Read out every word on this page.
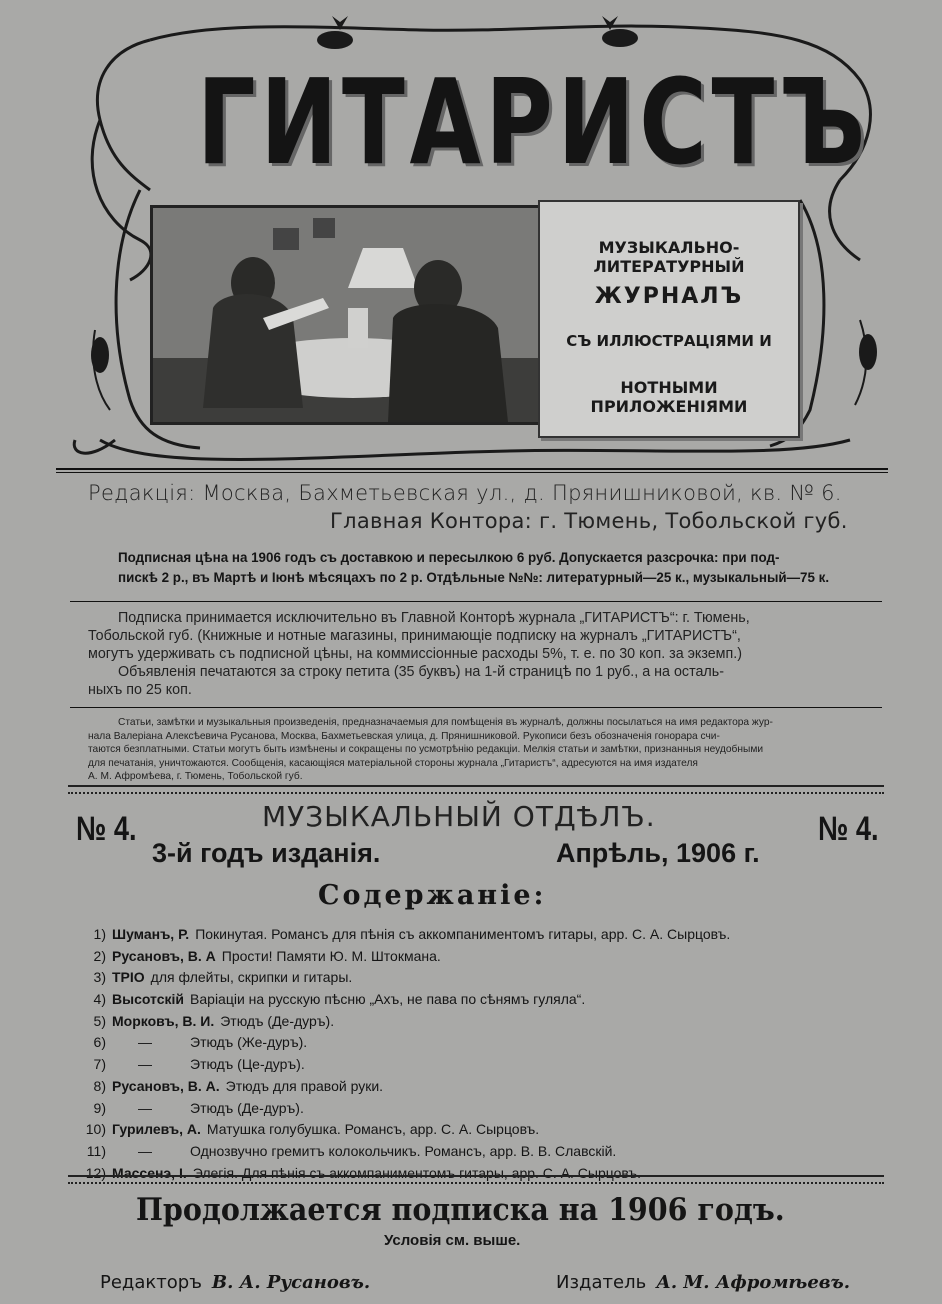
ГИТАРИСТЪ
МУЗЫКАЛЬНО-ЛИТЕРАТУРНЫЙ
ЖУРНАЛЪ
СЪ ИЛЛЮСТРАЦІЯМИ И
НОТНЫМИ ПРИЛОЖЕНІЯМИ
Редакція: Москва, Бахметьевская ул., д. Прянишниковой, кв. № 6.
Главная Контора: г. Тюмень, Тобольской губ.
Подписная цѣна на 1906 годъ съ доставкою и пересылкою 6 руб. Допускается разсрочка: при под-
пискѣ 2 р., въ Мартѣ и Іюнѣ мѣсяцахъ по 2 р. Отдѣльные №№: литературный—25 к., музыкальный—75 к.
Подписка принимается исключительно въ Главной Конторѣ журнала „ГИТАРИСТЪ“: г. Тюмень,
Тобольской губ. (Книжные и нотные магазины, принимающіе подписку на журналъ „ГИТАРИСТЪ“,
могутъ удерживать съ подписной цѣны, на коммиссіонные расходы 5%, т. е. по 30 коп. за экземп.)
Объявленія печатаются за строку петита (35 буквъ) на 1-й страницѣ по 1 руб., а на осталь-
ныхъ по 25 коп.
Статьи, замѣтки и музыкальныя произведенія, предназначаемыя для помѣщенія въ журналѣ, должны посылаться на имя редактора жур-
нала Валеріана Алексѣевича Русанова, Москва, Бахметьевская улица, д. Прянишниковой. Рукописи безъ обозначенія гонорара счи-
таются безплатными. Статьи могутъ быть измѣнены и сокращены по усмотрѣнію редакціи. Мелкія статьи и замѣтки, признанныя неудобными
для печатанія, уничтожаются. Сообщенія, касающіяся матеріальной стороны журнала „Гитаристъ“, адресуются на имя издателя
А. М. Афромѣева, г. Тюмень, Тобольской губ.
№ 4.	№ 4.
МУЗЫКАЛЬНЫЙ ОТДѢЛЪ.
3-й годъ изданія.	Апрѣль, 1906 г.
Содержаніе:
1) Шуманъ, Р. Покинутая. Романсъ для пѣнія съ аккомпаниментомъ гитары, арр. С. А. Сырцовъ.
2) Русановъ, В. А Прости! Памяти Ю. М. Штокмана.
3) ТРІО для флейты, скрипки и гитары.
4) Высотскій Варіаціи на русскую пѣсню „Ахъ, не пава по сѣнямъ гуляла“.
5) Морковъ, В. И. Этюдъ (Де-дуръ).
6) —	Этюдъ (Же-дуръ).
7) —	Этюдъ (Це-дуръ).
8) Русановъ, В. А. Этюдъ для правой руки.
9) —	Этюдъ (Де-дуръ).
10) Гурилевъ, А. Матушка голубушка. Романсъ, арр. С. А. Сырцовъ.
11) —	Однозвучно гремитъ колокольчикъ. Романсъ, арр. В. В. Славскій.
12) Массенэ, І. Элегія. Для пѣнія съ аккомпаниментомъ гитары, арр. С. А. Сырцовъ.
Продолжается подписка на 1906 годъ.
Условія см. выше.
Редакторъ В. А. Русановъ.	Издатель А. М. Афромѣевъ.
